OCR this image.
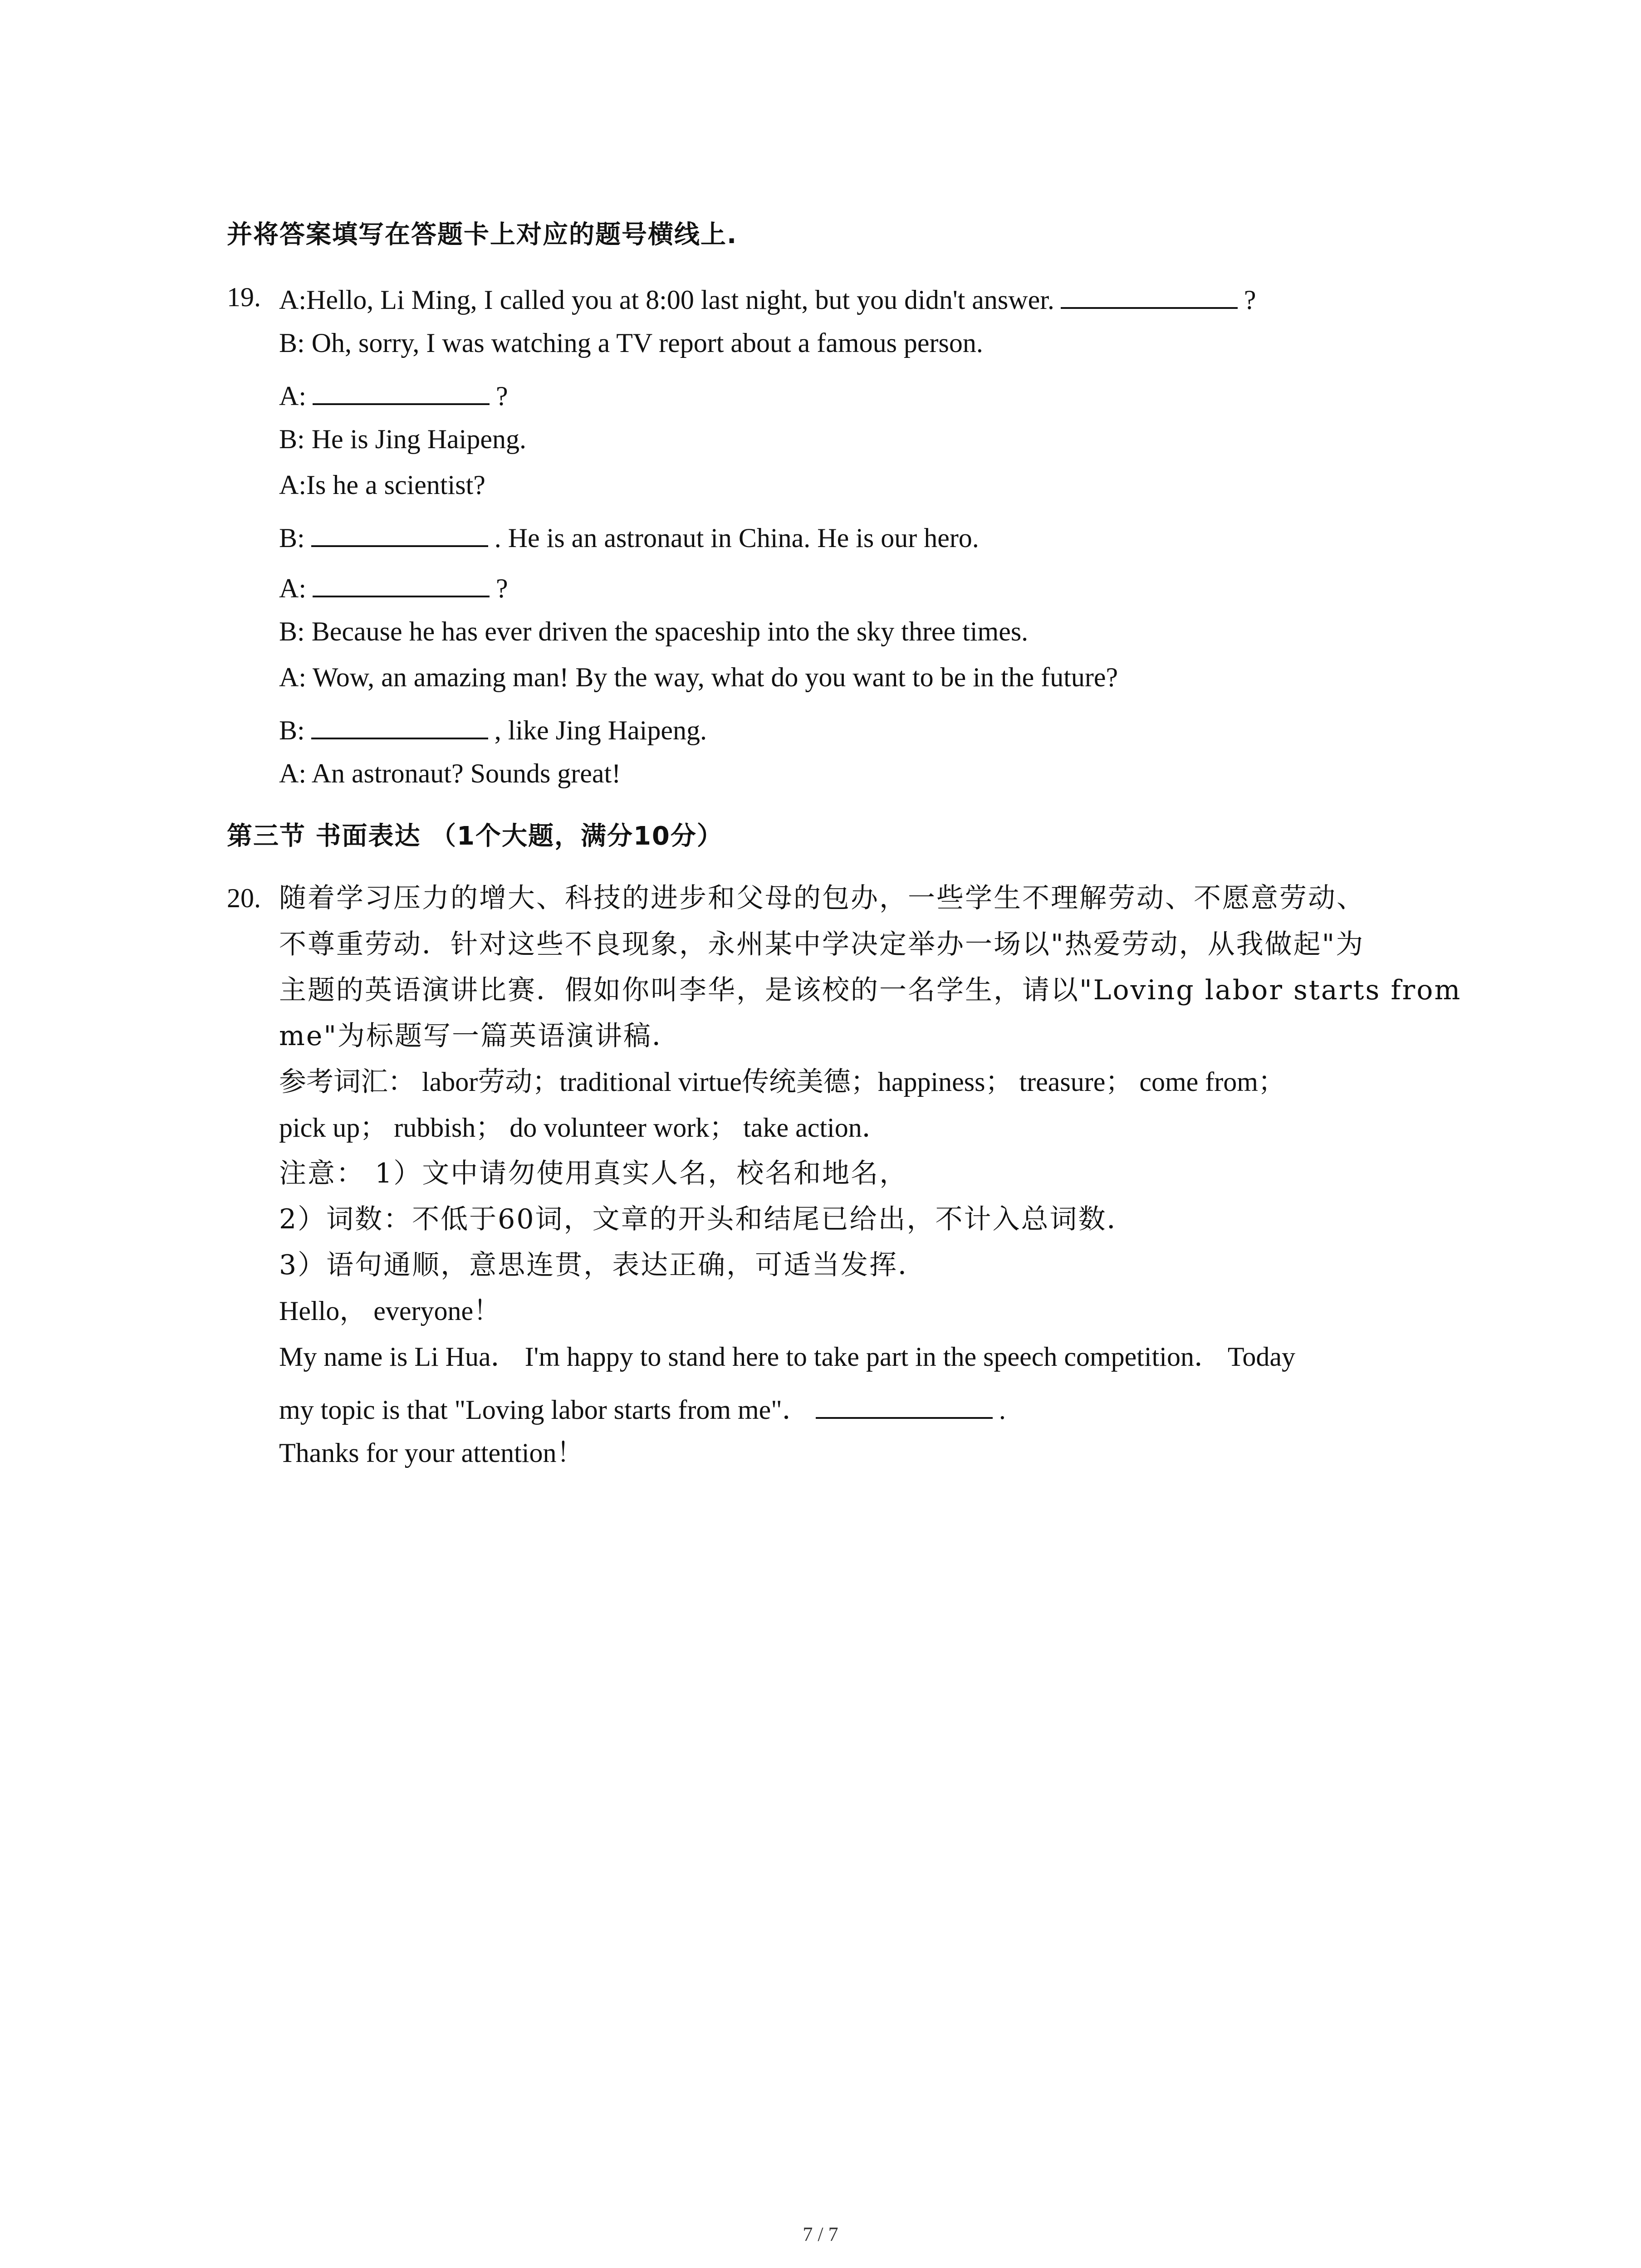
并将答案填写在答题卡上对应的题号横线上.
19. A:Hello, Li Ming, I called you at 8:00 last night, but you didn't answer.	?
B: Oh, sorry, I was watching a TV report about a famous person.
A:	?
B: He is Jing Haipeng.
A:Is he a scientist?
B:	. He is an astronaut in China. He is our hero.
A:	?
B: Because he has ever driven the spaceship into the sky three times.
A: Wow, an amazing man! By the way, what do you want to be in the future?
B:	, like Jing Haipeng.
A: An astronaut? Sounds great!
第三节 书面表达 （1个大题，满分10分）
20. 随着学习压力的增大、科技的进步和父母的包办，一些学生不理解劳动、不愿意劳动、
不尊重劳动．针对这些不良现象，永州某中学决定举办一场以"热爱劳动，从我做起"为
主题的英语演讲比赛．假如你叫李华，是该校的一名学生，请以"Loving labor starts from
me"为标题写一篇英语演讲稿．
参考词汇： labor劳动；traditional virtue传统美德；happiness； treasure； come from；
pick up； rubbish； do volunteer work； take action．
注意： 1）文中请勿使用真实人名，校名和地名，
2）词数：不低于60词，文章的开头和结尾已给出，不计入总词数．
3）语句通顺，意思连贯，表达正确，可适当发挥．
Hello， everyone！
My name is Li Hua． I'm happy to stand here to take part in the speech competition． Today
my topic is that "Loving labor starts from me"．	.
Thanks for your attention！
7 / 7
